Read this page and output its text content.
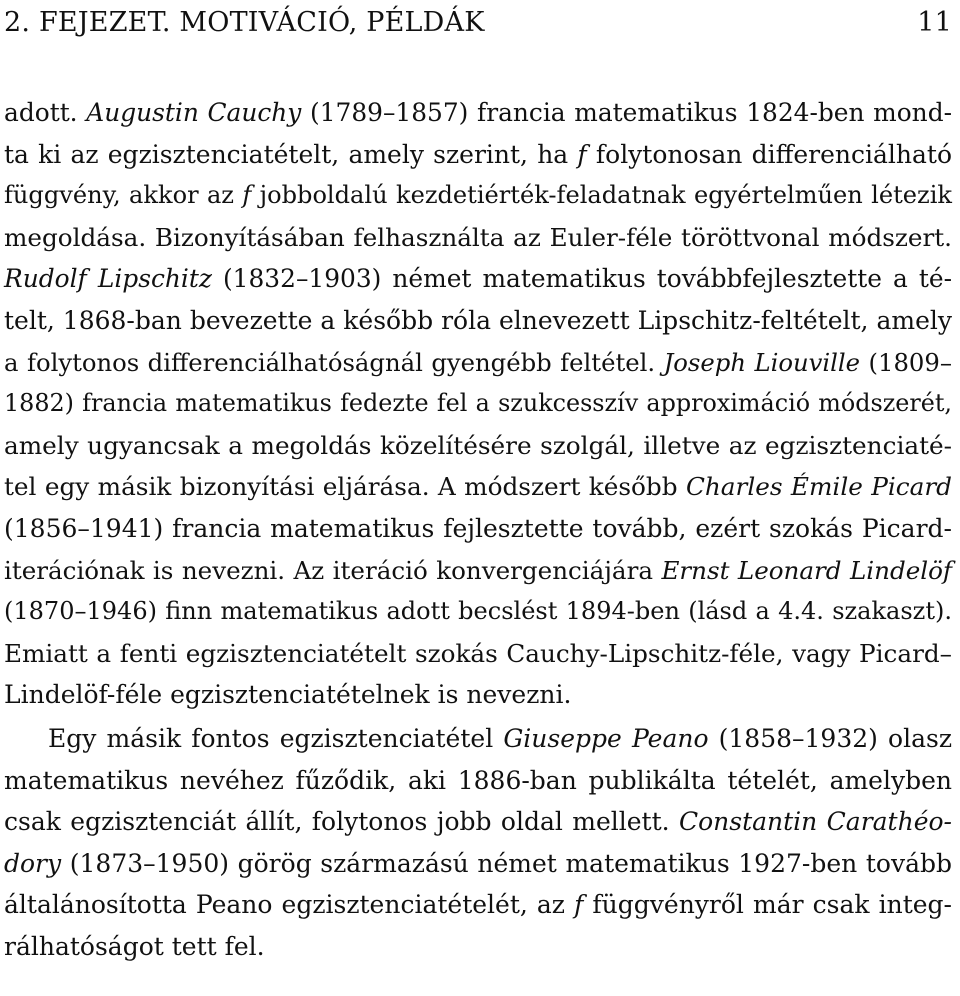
2. FEJEZET. MOTIVÁCIÓ, PÉLDÁK	11
adott. Augustin Cauchy (1789–1857) francia matematikus 1824-ben mond-
ta ki az egzisztenciatételt, amely szerint, ha f folytonosan differenciálható
függvény, akkor az f jobboldalú kezdetiérték-feladatnak egyértelműen létezik
megoldása. Bizonyításában felhasználta az Euler-féle töröttvonal módszert.
Rudolf Lipschitz (1832–1903) német matematikus továbbfejlesztette a té-
telt, 1868-ban bevezette a később róla elnevezett Lipschitz-feltételt, amely
a folytonos differenciálhatóságnál gyengébb feltétel. Joseph Liouville (1809–
1882) francia matematikus fedezte fel a szukcesszív approximáció módszerét,
amely ugyancsak a megoldás közelítésére szolgál, illetve az egzisztenciaté-
tel egy másik bizonyítási eljárása. A módszert később Charles Émile Picard
(1856–1941) francia matematikus fejlesztette tovább, ezért szokás Picard-
iterációnak is nevezni. Az iteráció konvergenciájára Ernst Leonard Lindelöf
(1870–1946) finn matematikus adott becslést 1894-ben (lásd a 4.4. szakaszt).
Emiatt a fenti egzisztenciatételt szokás Cauchy-Lipschitz-féle, vagy Picard–
Lindelöf-féle egzisztenciatételnek is nevezni.
Egy másik fontos egzisztenciatétel Giuseppe Peano (1858–1932) olasz
matematikus nevéhez fűződik, aki 1886-ban publikálta tételét, amelyben
csak egzisztenciát állít, folytonos jobb oldal mellett. Constantin Carathéo-
dory (1873–1950) görög származású német matematikus 1927-ben tovább
általánosította Peano egzisztenciatételét, az f függvényről már csak integ-
rálhatóságot tett fel.
